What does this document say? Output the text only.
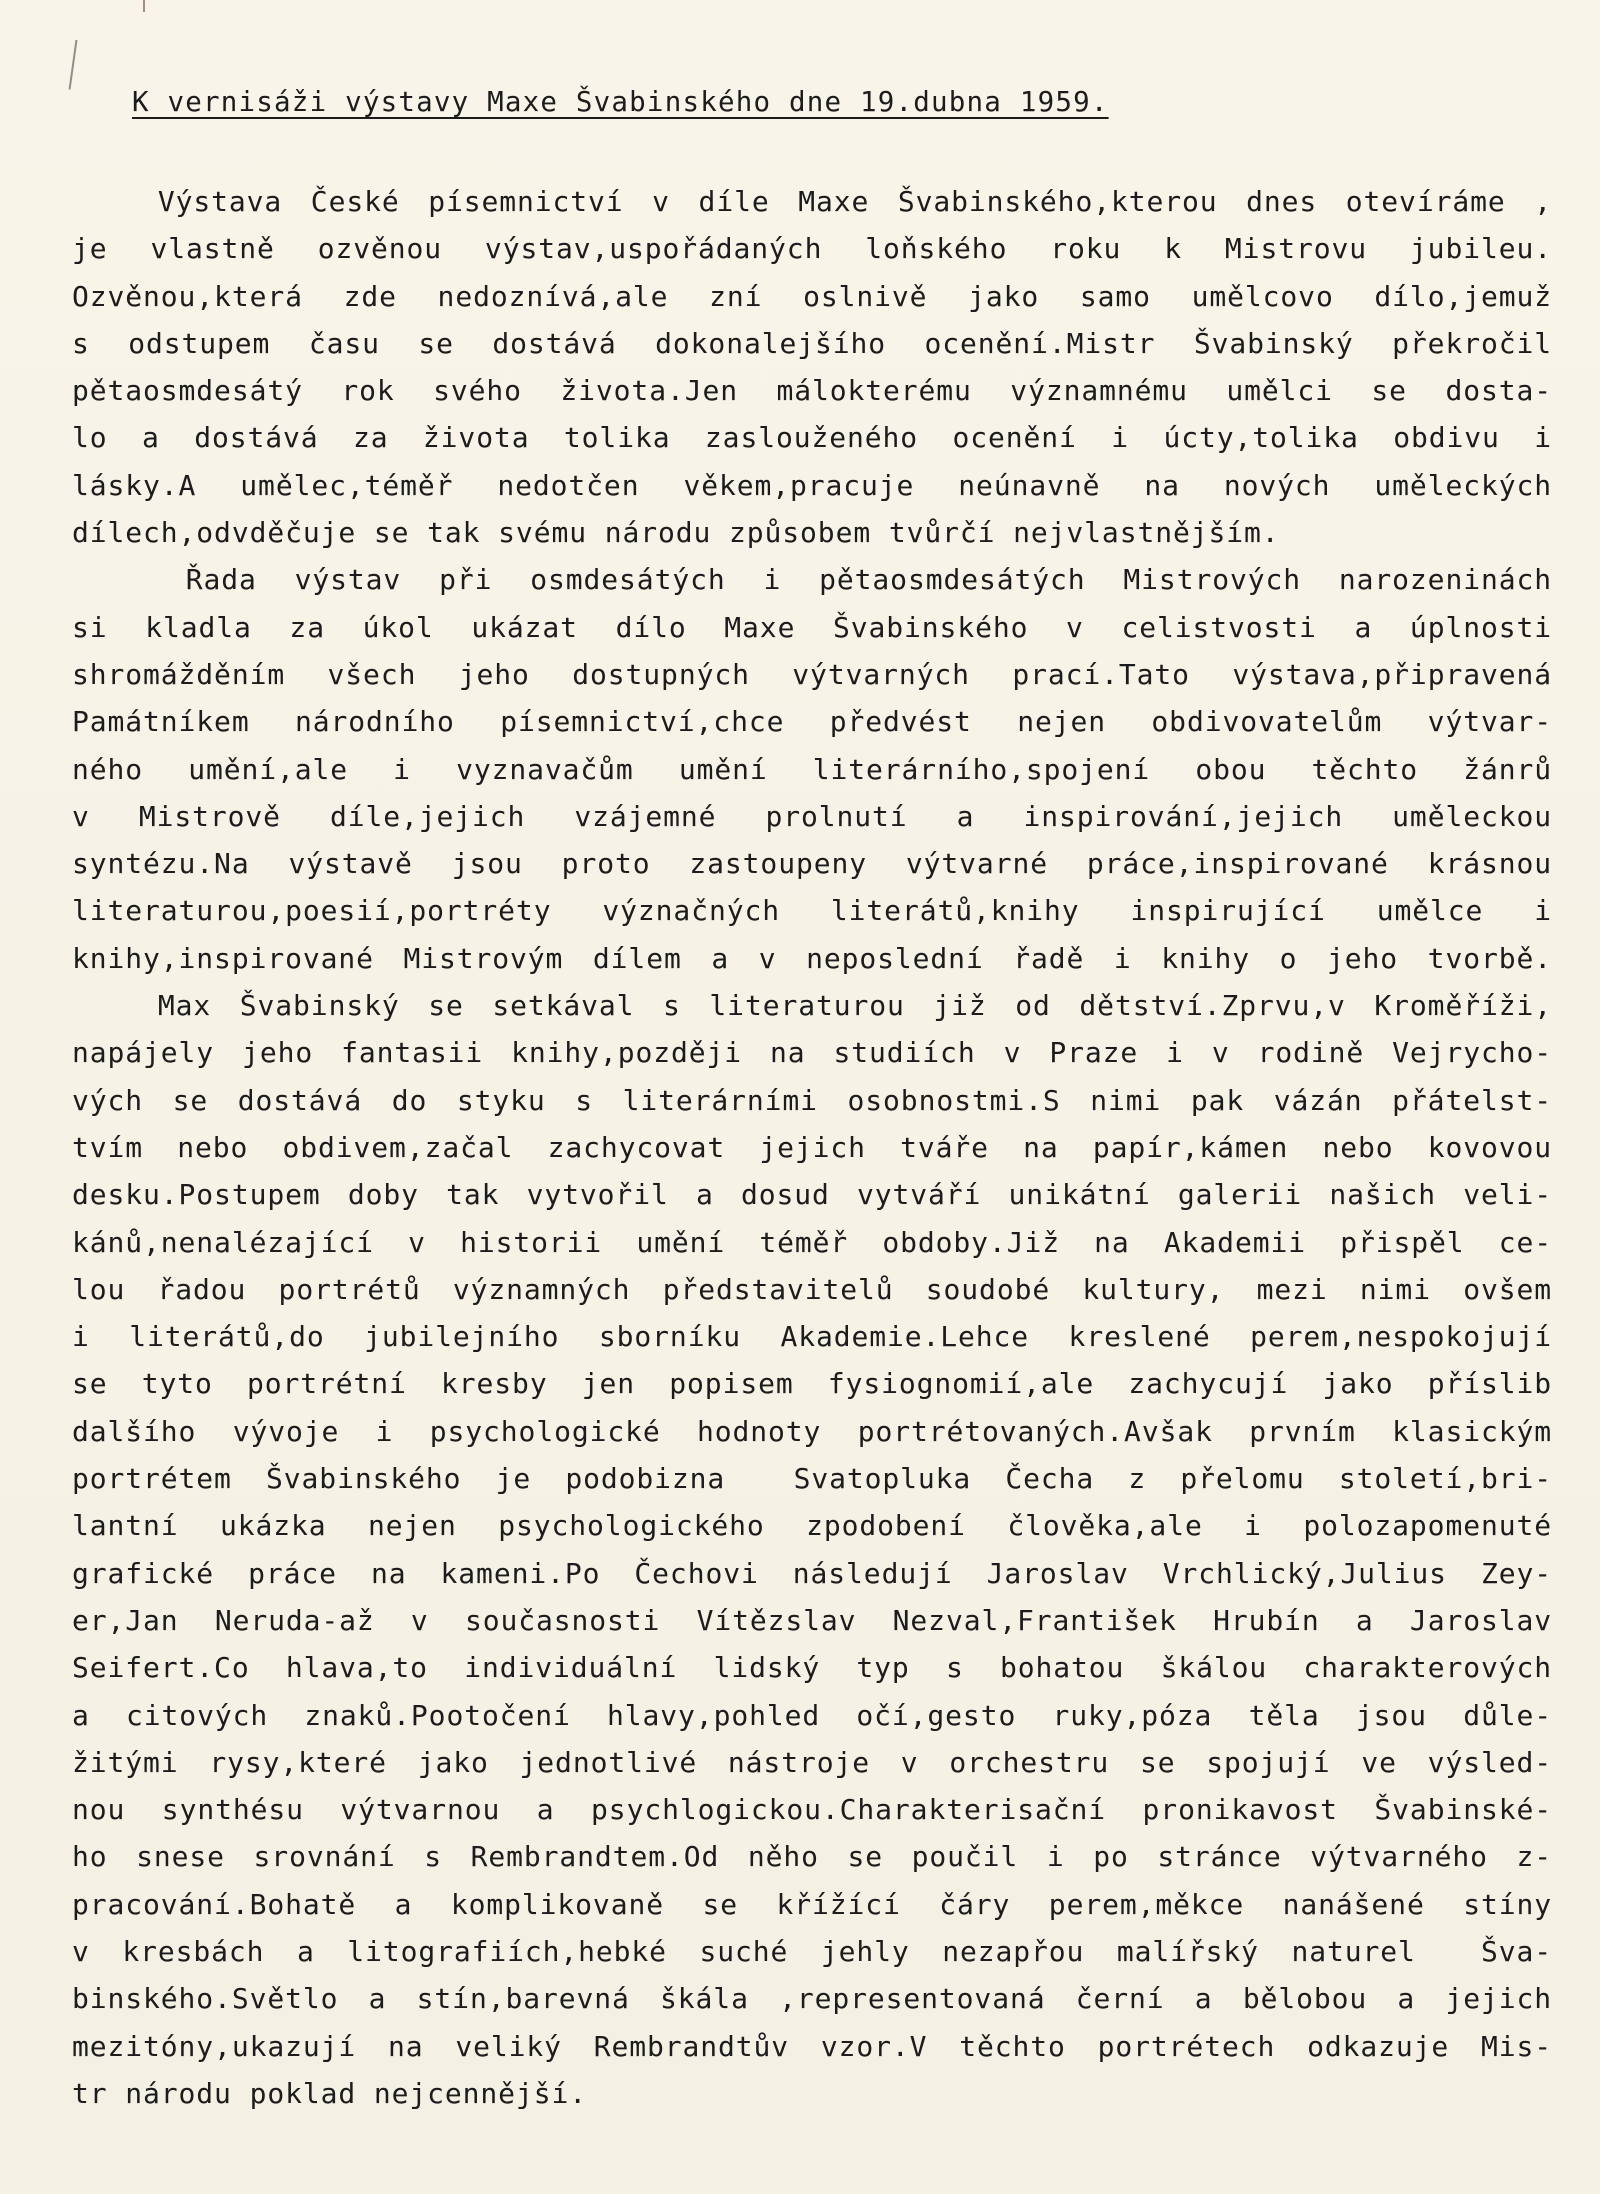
K vernisáži výstavy Maxe Švabinského dne 19.dubna 1959.
Výstava České písemnictví v díle Maxe Švabinského,kterou dnes otevíráme ,
je vlastně ozvěnou výstav,uspořádaných loňského roku k Mistrovu jubileu.
Ozvěnou,která zde nedoznívá,ale zní oslnivě jako samo umělcovo dílo,jemuž
s odstupem času se dostává dokonalejšího ocenění.Mistr Švabinský překročil
pětaosmdesátý rok svého života.Jen málokterému významnému umělci se dosta-
lo a dostává za života tolika zaslouženého ocenění i úcty,tolika obdivu i
lásky.A umělec,téměř nedotčen věkem,pracuje neúnavně na nových uměleckých
dílech,odvděčuje se tak svému národu způsobem tvůrčí nejvlastnějším.
Řada výstav při osmdesátých i pětaosmdesátých Mistrových narozeninách
si kladla za úkol ukázat dílo Maxe Švabinského v celistvosti a úplnosti
shromážděním všech jeho dostupných výtvarných prací.Tato výstava,připravená
Památníkem národního písemnictví,chce předvést nejen obdivovatelům výtvar-
ného umění,ale i vyznavačům umění literárního,spojení obou těchto žánrů
v Mistrově díle,jejich vzájemné prolnutí a inspirování,jejich uměleckou
syntézu.Na výstavě jsou proto zastoupeny výtvarné práce,inspirované krásnou
literaturou,poesií,portréty význačných literátů,knihy inspirující umělce i
knihy,inspirované Mistrovým dílem a v neposlední řadě i knihy o jeho tvorbě.
Max Švabinský se setkával s literaturou již od dětství.Zprvu,v Kroměříži,
napájely jeho fantasii knihy,později na studiích v Praze i v rodině Vejrycho-
vých se dostává do styku s literárními osobnostmi.S nimi pak vázán přátelst-
tvím nebo obdivem,začal zachycovat jejich tváře na papír,kámen nebo kovovou
desku.Postupem doby tak vytvořil a dosud vytváří unikátní galerii našich veli-
kánů,nenalézající v historii umění téměř obdoby.Již na Akademii přispěl ce-
lou řadou portrétů významných představitelů soudobé kultury, mezi nimi ovšem
i literátů,do jubilejního sborníku Akademie.Lehce kreslené perem,nespokojují
se tyto portrétní kresby jen popisem fysiognomií,ale zachycují jako příslib
dalšího vývoje i psychologické hodnoty portrétovaných.Avšak prvním klasickým
portrétem Švabinského je podobizna  Svatopluka Čecha z přelomu století,bri-
lantní ukázka nejen psychologického zpodobení člověka,ale i polozapomenuté
grafické práce na kameni.Po Čechovi následují Jaroslav Vrchlický,Julius Zey-
er,Jan Neruda-až v současnosti Vítězslav Nezval,František Hrubín a Jaroslav
Seifert.Co hlava,to individuální lidský typ s bohatou škálou charakterových
a citových znaků.Pootočení hlavy,pohled očí,gesto ruky,póza těla jsou důle-
žitými rysy,které jako jednotlivé nástroje v orchestru se spojují ve výsled-
nou synthésu výtvarnou a psychlogickou.Charakterisační pronikavost Švabinské-
ho snese srovnání s Rembrandtem.Od něho se poučil i po stránce výtvarného z-
pracování.Bohatě a komplikovaně se křížící čáry perem,měkce nanášené stíny
v kresbách a litografiích,hebké suché jehly nezapřou malířský naturel  Šva-
binského.Světlo a stín,barevná škála ,representovaná černí a bělobou a jejich
mezitóny,ukazují na veliký Rembrandtův vzor.V těchto portrétech odkazuje Mis-
tr národu poklad nejcennější.
